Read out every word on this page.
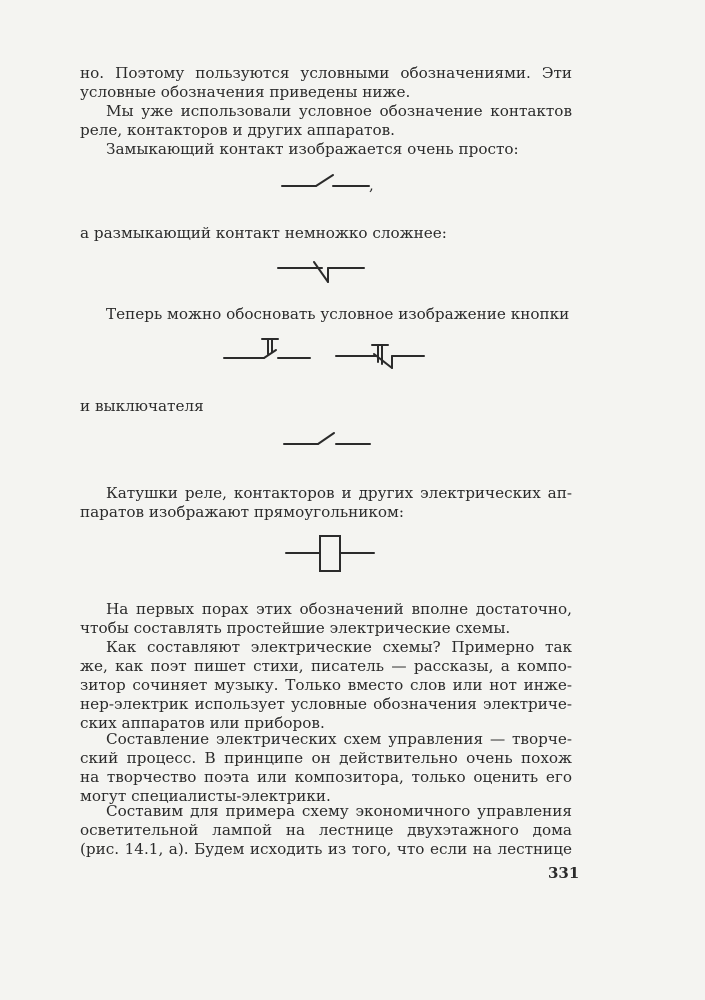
но. Поэтому пользуются условными обозначениями. Эти
условные обозначения приведены ниже.

Мы уже использовали условное обозначение контактов
реле, контакторов и других аппаратов.

Замыкающий контакт изображается очень просто:

,

а размыкающий контакт немножко сложнее:

Теперь можно обосновать условное изображение кнопки

и выключателя

Катушки реле, контакторов и других электрических ап-
паратов изображают прямоугольником:

На первых порах этих обозначений вполне достаточно,
чтобы составлять простейшие электрические схемы.

Как составляют электрические схемы? Примерно так
же, как поэт пишет стихи, писатель — рассказы, а компо-
зитор сочиняет музыку. Только вместо слов или нот инже-
нер-электрик использует условные обозначения электриче-
ских аппаратов или приборов.

Составление электрических схем управления — творче-
ский процесс. В принципе он действительно очень похож
на творчество поэта или композитора, только оценить его
могут специалисты-электрики.

Составим для примера схему экономичного управления
осветительной лампой на лестнице двухэтажного дома
(рис. 14.1, а). Будем исходить из того, что если на лестнице

331
